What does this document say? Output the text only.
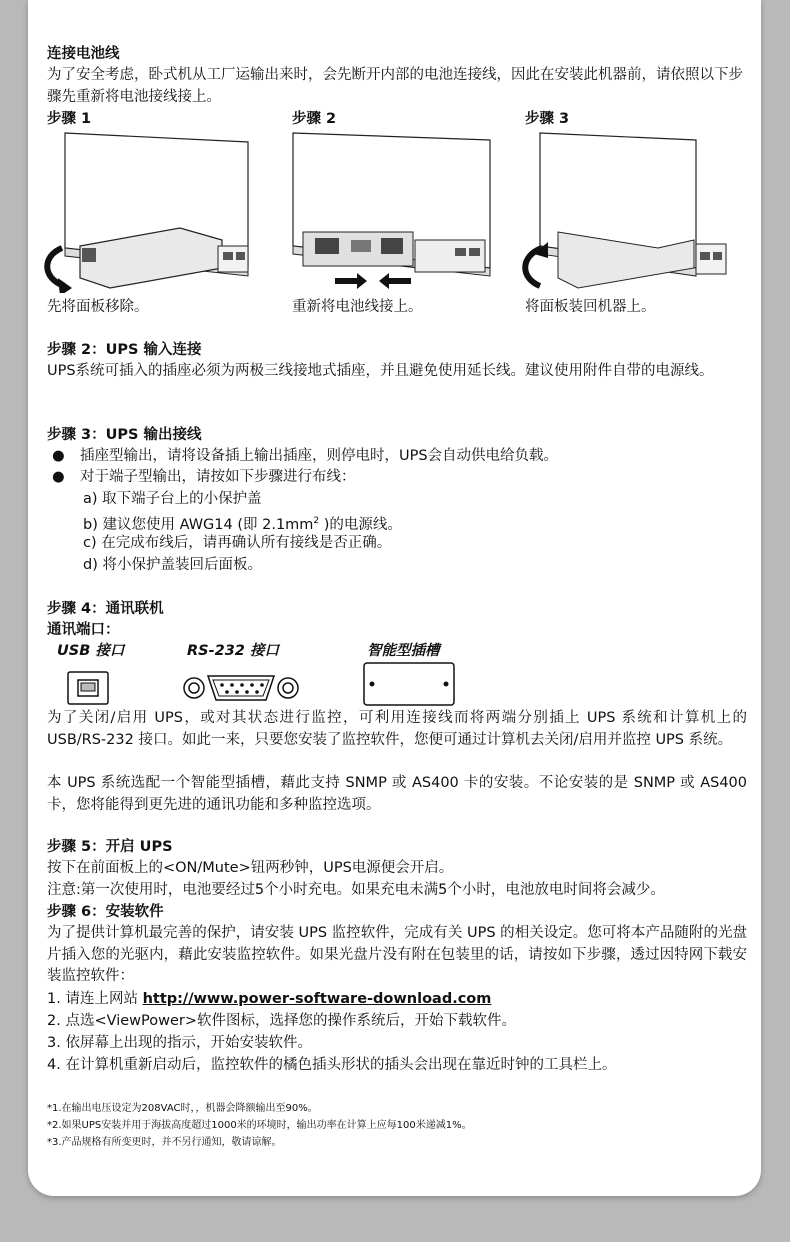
连接电池线
为了安全考虑，卧式机从工厂运输出来时，会先断开内部的电池连接线，因此在安装此机器前，请依照以下步骤先重新将电池接线接上。
步骤 1	步骤 2	步骤 3
先将面板移除。	重新将电池线接上。	将面板装回机器上。
步骤 2：UPS 输入连接
UPS系统可插入的插座必须为两极三线接地式插座，并且避免使用延长线。建议使用附件自带的电源线。
步骤 3：UPS 输出接线
● 插座型输出，请将设备插上输出插座，则停电时，UPS会自动供电给负载。
● 对于端子型输出，请按如下步骤进行布线：
a) 取下端子台上的小保护盖
b) 建议您使用 AWG14 (即 $2.1mm^2$ )的电源线。
c) 在完成布线后，请再确认所有接线是否正确。
d) 将小保护盖装回后面板。
步骤 4：通讯联机
通讯端口：
USB 接口	RS-232 接口	智能型插槽
为了关闭/启用 UPS，或对其状态进行监控，可利用连接线而将两端分别插上 UPS 系统和计算机上的 USB/RS-232 接口。如此一来，只要您安装了监控软件，您便可通过计算机去关闭/启用并监控 UPS 系统。
本 UPS 系统选配一个智能型插槽，藉此支持 SNMP 或 AS400 卡的安装。不论安装的是 SNMP 或 AS400 卡，您将能得到更先进的通讯功能和多种监控选项。
步骤 5：开启 UPS
按下在前面板上的<ON/Mute>钮两秒钟，UPS电源便会开启。
注意:第一次使用时，电池要经过5个小时充电。如果充电未满5个小时，电池放电时间将会减少。
步骤 6：安装软件
为了提供计算机最完善的保护，请安装 UPS 监控软件，完成有关 UPS 的相关设定。您可将本产品随附的光盘片插入您的光驱内，藉此安装监控软件。如果光盘片没有附在包装里的话，请按如下步骤，透过因特网下载安装监控软件：
1. 请连上网站 http://www.power-software-download.com
2. 点选<ViewPower>软件图标，选择您的操作系统后，开始下载软件。
3. 依屏幕上出现的指示，开始安装软件。
4. 在计算机重新启动后，监控软件的橘色插头形状的插头会出现在靠近时钟的工具栏上。
*1.在输出电压设定为208VAC时，，机器会降额输出至90%。
*2.如果UPS安装并用于海拔高度超过1000米的环境时，输出功率在计算上应每100米递减1%。
*3.产品规格有所变更时，并不另行通知，敬请谅解。
